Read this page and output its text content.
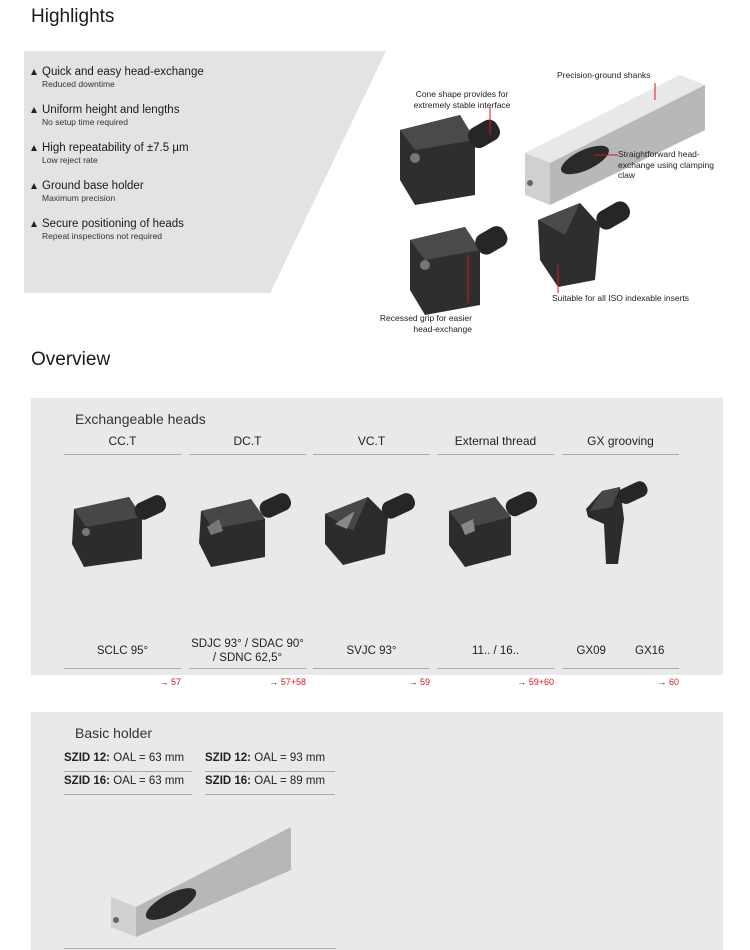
Highlights
Quick and easy head-exchange
Reduced downtime
Uniform height and lengths
No setup time required
High repeatability of ±7.5 µm
Low reject rate
Ground base holder
Maximum precision
Secure positioning of heads
Repeat inspections not required
Cone shape provides for
extremely stable interface
Precision-ground shanks
Straightforward head-
exchange using clamping
claw
Suitable for all ISO indexable inserts
Recessed grip for easier
head-exchange
Overview
Exchangeable heads
CC.T
SCLC 95°
→ 57
DC.T
SDJC 93° / SDAC 90° / SDNC 62,5°
→ 57+58
VC.T
SVJC 93°
→ 59
External thread
11.. / 16..
→ 59+60
GX grooving
GX09	GX16
→ 60
Basic holder
SZID 12: OAL = 63 mm	SZID 12: OAL = 93 mm
SZID 16: OAL = 63 mm	SZID 16: OAL = 89 mm
